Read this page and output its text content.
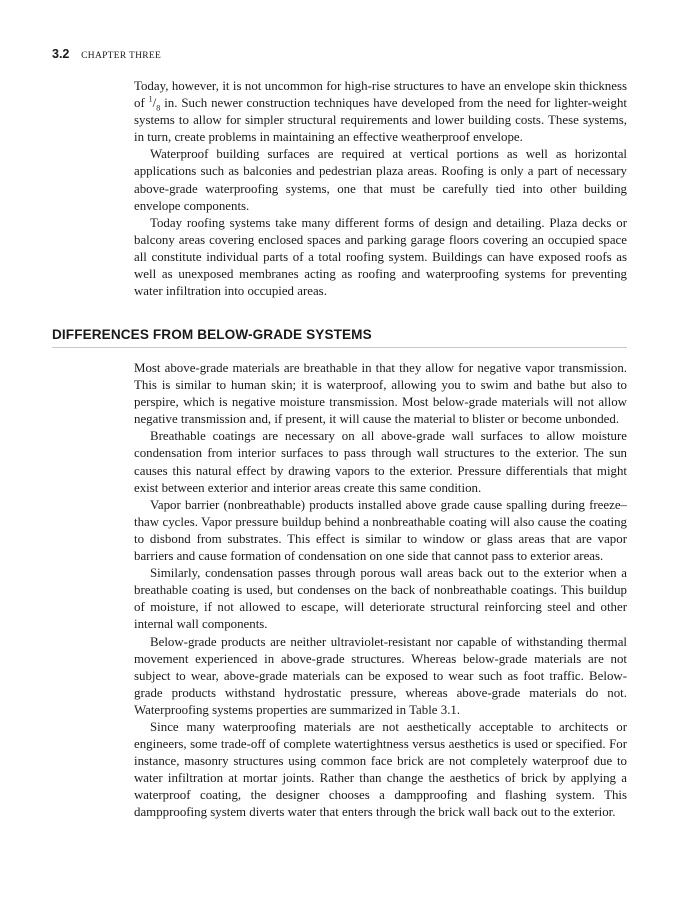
3.2 CHAPTER THREE

Today, however, it is not uncommon for high-rise structures to have an envelope skin thickness of $^1/_8$ in. Such newer construction techniques have developed from the need for lighter-weight systems to allow for simpler structural requirements and lower building costs. These systems, in turn, create problems in maintaining an effective weatherproof envelope.

Waterproof building surfaces are required at vertical portions as well as horizontal applications such as balconies and pedestrian plaza areas. Roofing is only a part of necessary above-grade waterproofing systems, one that must be carefully tied into other building envelope components.

Today roofing systems take many different forms of design and detailing. Plaza decks or balcony areas covering enclosed spaces and parking garage floors covering an occupied space all constitute individual parts of a total roofing system. Buildings can have exposed roofs as well as unexposed membranes acting as roofing and waterproofing systems for preventing water infiltration into occupied areas.

DIFFERENCES FROM BELOW-GRADE SYSTEMS

Most above-grade materials are breathable in that they allow for negative vapor transmission. This is similar to human skin; it is waterproof, allowing you to swim and bathe but also to perspire, which is negative moisture transmission. Most below-grade materials will not allow negative transmission and, if present, it will cause the material to blister or become unbonded.

Breathable coatings are necessary on all above-grade wall surfaces to allow moisture condensation from interior surfaces to pass through wall structures to the exterior. The sun causes this natural effect by drawing vapors to the exterior. Pressure differentials that might exist between exterior and interior areas create this same condition.

Vapor barrier (nonbreathable) products installed above grade cause spalling during freeze–thaw cycles. Vapor pressure buildup behind a nonbreathable coating will also cause the coating to disbond from substrates. This effect is similar to window or glass areas that are vapor barriers and cause formation of condensation on one side that cannot pass to exterior areas.

Similarly, condensation passes through porous wall areas back out to the exterior when a breathable coating is used, but condenses on the back of nonbreathable coatings. This buildup of moisture, if not allowed to escape, will deteriorate structural reinforcing steel and other internal wall components.

Below-grade products are neither ultraviolet-resistant nor capable of withstanding thermal movement experienced in above-grade structures. Whereas below-grade materials are not subject to wear, above-grade materials can be exposed to wear such as foot traffic. Below-grade products withstand hydrostatic pressure, whereas above-grade materials do not. Waterproofing systems properties are summarized in Table 3.1.

Since many waterproofing materials are not aesthetically acceptable to architects or engineers, some trade-off of complete watertightness versus aesthetics is used or specified. For instance, masonry structures using common face brick are not completely waterproof due to water infiltration at mortar joints. Rather than change the aesthetics of brick by applying a waterproof coating, the designer chooses a dampproofing and flashing system. This dampproofing system diverts water that enters through the brick wall back out to the exterior.
